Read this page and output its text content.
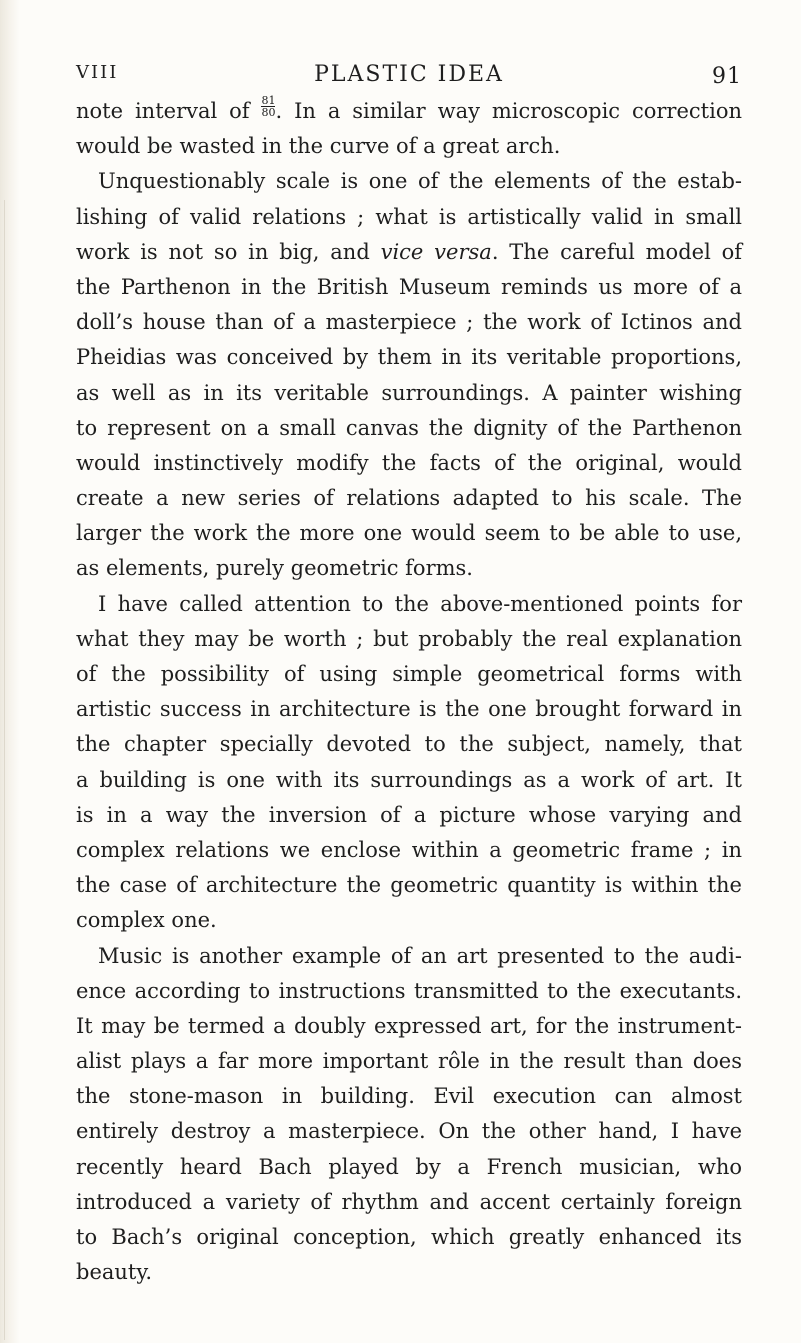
VIII	PLASTIC IDEA	91
note interval of $\frac{81}{80}$ . In a similar way microscopic correction
would be wasted in the curve of a great arch.
Unquestionably scale is one of the elements of the estab-
lishing of valid relations ; what is artistically valid in small
work is not so in big, and vice versa. The careful model of
the Parthenon in the British Museum reminds us more of a
doll’s house than of a masterpiece ; the work of Ictinos and
Pheidias was conceived by them in its veritable proportions,
as well as in its veritable surroundings. A painter wishing
to represent on a small canvas the dignity of the Parthenon
would instinctively modify the facts of the original, would
create a new series of relations adapted to his scale. The
larger the work the more one would seem to be able to use,
as elements, purely geometric forms.
I have called attention to the above-mentioned points for
what they may be worth ; but probably the real explanation
of the possibility of using simple geometrical forms with
artistic success in architecture is the one brought forward in
the chapter specially devoted to the subject, namely, that
a building is one with its surroundings as a work of art. It
is in a way the inversion of a picture whose varying and
complex relations we enclose within a geometric frame ; in
the case of architecture the geometric quantity is within the
complex one.
Music is another example of an art presented to the audi-
ence according to instructions transmitted to the executants.
It may be termed a doubly expressed art, for the instrument-
alist plays a far more important rôle in the result than does
the stone-mason in building. Evil execution can almost
entirely destroy a masterpiece. On the other hand, I have
recently heard Bach played by a French musician, who
introduced a variety of rhythm and accent certainly foreign
to Bach’s original conception, which greatly enhanced its
beauty.
